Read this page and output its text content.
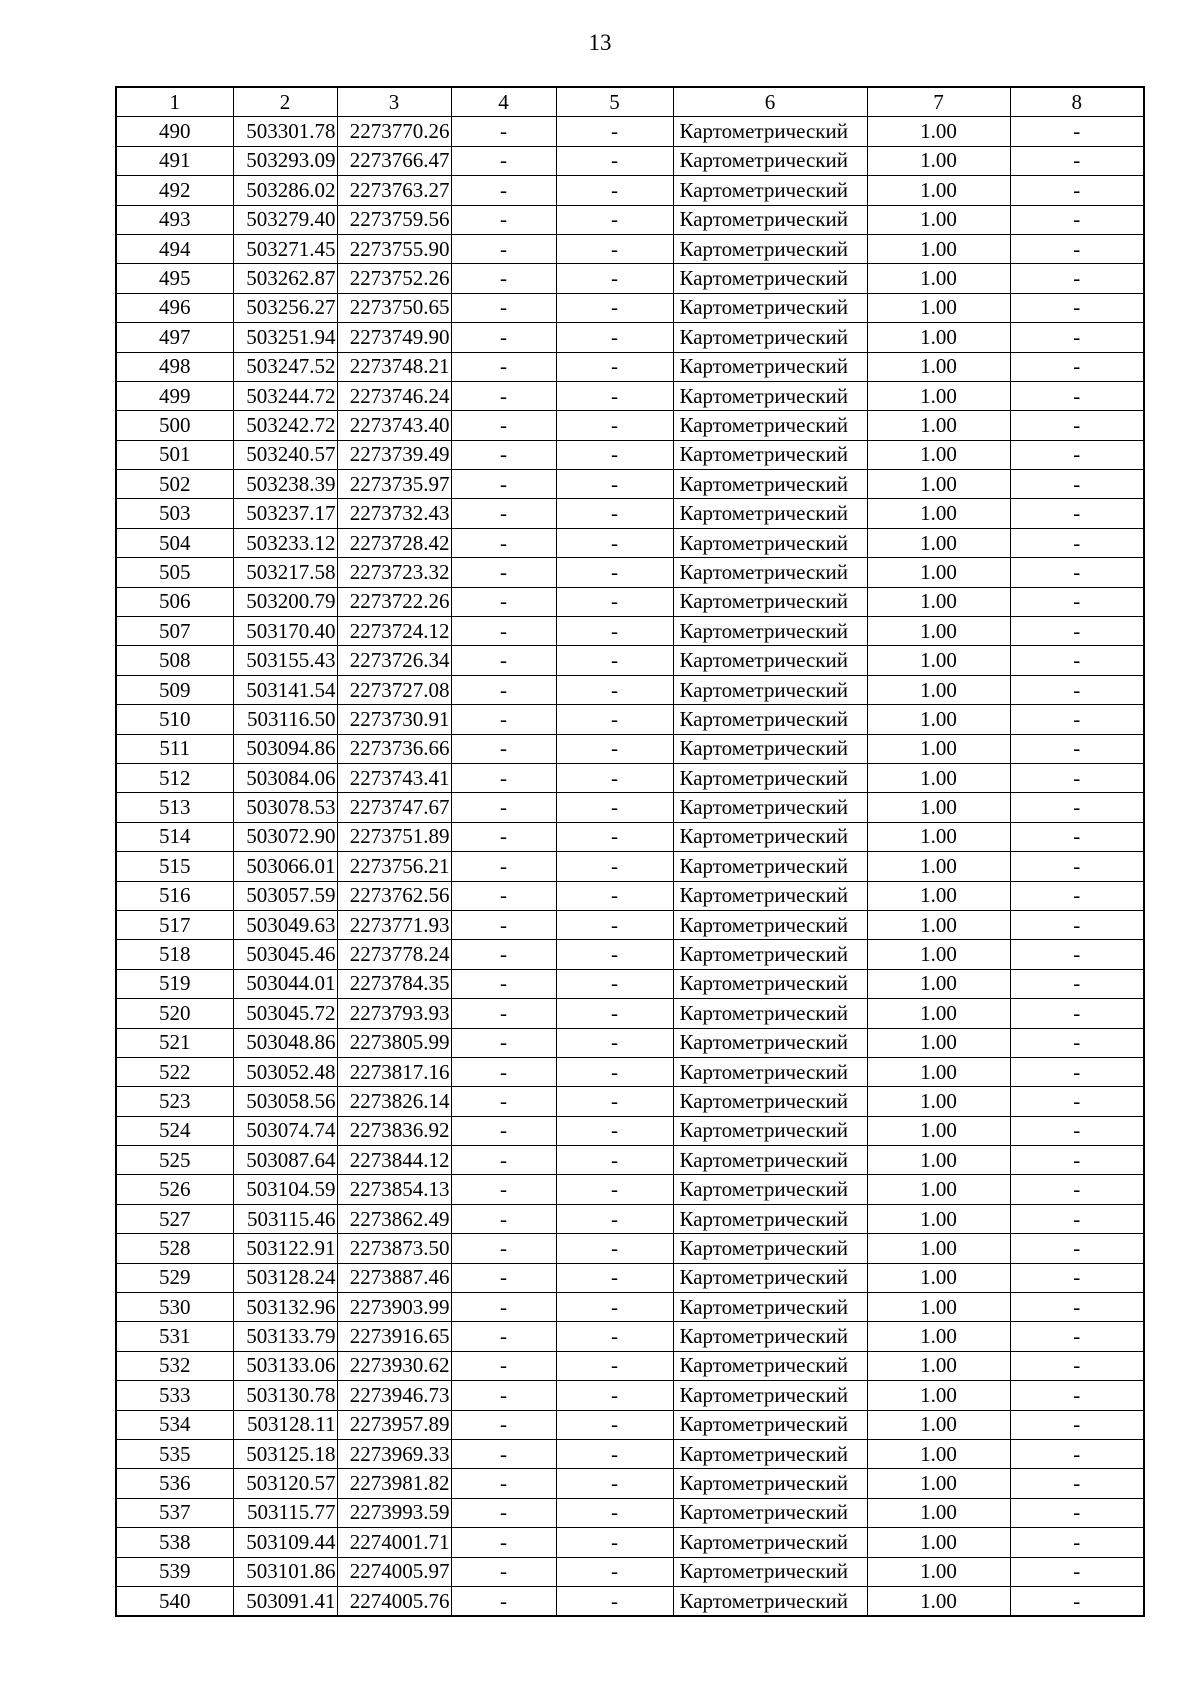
13
1	2	3	4	5	6	7	8
490	503301.78	2273770.26	-	-	Картометрический	1.00	-
491	503293.09	2273766.47	-	-	Картометрический	1.00	-
492	503286.02	2273763.27	-	-	Картометрический	1.00	-
493	503279.40	2273759.56	-	-	Картометрический	1.00	-
494	503271.45	2273755.90	-	-	Картометрический	1.00	-
495	503262.87	2273752.26	-	-	Картометрический	1.00	-
496	503256.27	2273750.65	-	-	Картометрический	1.00	-
497	503251.94	2273749.90	-	-	Картометрический	1.00	-
498	503247.52	2273748.21	-	-	Картометрический	1.00	-
499	503244.72	2273746.24	-	-	Картометрический	1.00	-
500	503242.72	2273743.40	-	-	Картометрический	1.00	-
501	503240.57	2273739.49	-	-	Картометрический	1.00	-
502	503238.39	2273735.97	-	-	Картометрический	1.00	-
503	503237.17	2273732.43	-	-	Картометрический	1.00	-
504	503233.12	2273728.42	-	-	Картометрический	1.00	-
505	503217.58	2273723.32	-	-	Картометрический	1.00	-
506	503200.79	2273722.26	-	-	Картометрический	1.00	-
507	503170.40	2273724.12	-	-	Картометрический	1.00	-
508	503155.43	2273726.34	-	-	Картометрический	1.00	-
509	503141.54	2273727.08	-	-	Картометрический	1.00	-
510	503116.50	2273730.91	-	-	Картометрический	1.00	-
511	503094.86	2273736.66	-	-	Картометрический	1.00	-
512	503084.06	2273743.41	-	-	Картометрический	1.00	-
513	503078.53	2273747.67	-	-	Картометрический	1.00	-
514	503072.90	2273751.89	-	-	Картометрический	1.00	-
515	503066.01	2273756.21	-	-	Картометрический	1.00	-
516	503057.59	2273762.56	-	-	Картометрический	1.00	-
517	503049.63	2273771.93	-	-	Картометрический	1.00	-
518	503045.46	2273778.24	-	-	Картометрический	1.00	-
519	503044.01	2273784.35	-	-	Картометрический	1.00	-
520	503045.72	2273793.93	-	-	Картометрический	1.00	-
521	503048.86	2273805.99	-	-	Картометрический	1.00	-
522	503052.48	2273817.16	-	-	Картометрический	1.00	-
523	503058.56	2273826.14	-	-	Картометрический	1.00	-
524	503074.74	2273836.92	-	-	Картометрический	1.00	-
525	503087.64	2273844.12	-	-	Картометрический	1.00	-
526	503104.59	2273854.13	-	-	Картометрический	1.00	-
527	503115.46	2273862.49	-	-	Картометрический	1.00	-
528	503122.91	2273873.50	-	-	Картометрический	1.00	-
529	503128.24	2273887.46	-	-	Картометрический	1.00	-
530	503132.96	2273903.99	-	-	Картометрический	1.00	-
531	503133.79	2273916.65	-	-	Картометрический	1.00	-
532	503133.06	2273930.62	-	-	Картометрический	1.00	-
533	503130.78	2273946.73	-	-	Картометрический	1.00	-
534	503128.11	2273957.89	-	-	Картометрический	1.00	-
535	503125.18	2273969.33	-	-	Картометрический	1.00	-
536	503120.57	2273981.82	-	-	Картометрический	1.00	-
537	503115.77	2273993.59	-	-	Картометрический	1.00	-
538	503109.44	2274001.71	-	-	Картометрический	1.00	-
539	503101.86	2274005.97	-	-	Картометрический	1.00	-
540	503091.41	2274005.76	-	-	Картометрический	1.00	-
